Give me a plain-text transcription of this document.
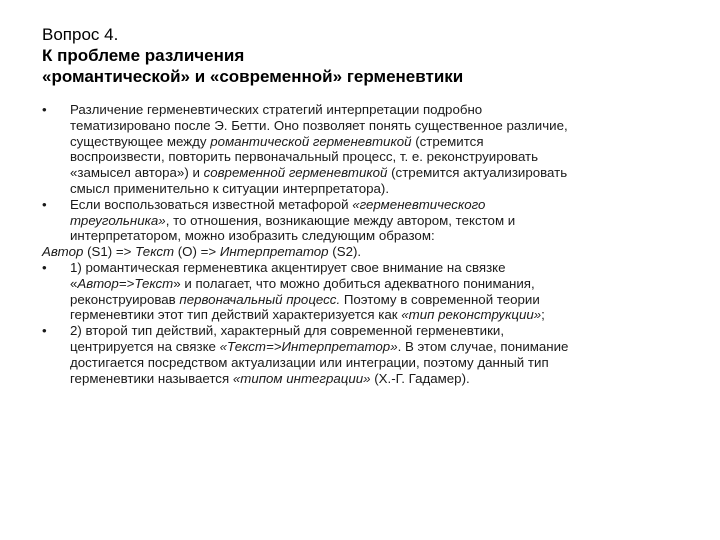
Вопрос 4.
К проблеме различения
«романтической» и «современной» герменевтики
•	Различение герменевтических стратегий интерпретации подробно
тематизировано после Э. Бетти. Оно позволяет понять существенное различие,
существующее между романтической герменевтикой (стремится
воспроизвести, повторить первоначальный процесс, т. е. реконструировать
«замысел автора») и современной герменевтикой (стремится актуализировать
смысл применительно к ситуации интерпретатора).
•	Если воспользоваться известной метафорой «герменевтического
треугольника», то отношения, возникающие между автором, текстом и
интерпретатором, можно изобразить следующим образом:
Автор (S1) => Текст (O) => Интерпретатор (S2).
•	1) романтическая герменевтика акцентирует свое внимание на связке
«Автор=>Текст» и полагает, что можно добиться адекватного понимания,
реконструировав первоначальный процесс. Поэтому в современной теории
герменевтики этот тип действий характеризуется как «тип реконструкции»;
•	2) второй тип действий, характерный для современной герменевтики,
центрируется на связке «Текст=>Интерпретатор». В этом случае, понимание
достигается посредством актуализации или интеграции, поэтому данный тип
герменевтики называется «типом интеграции» (Х.-Г. Гадамер).
